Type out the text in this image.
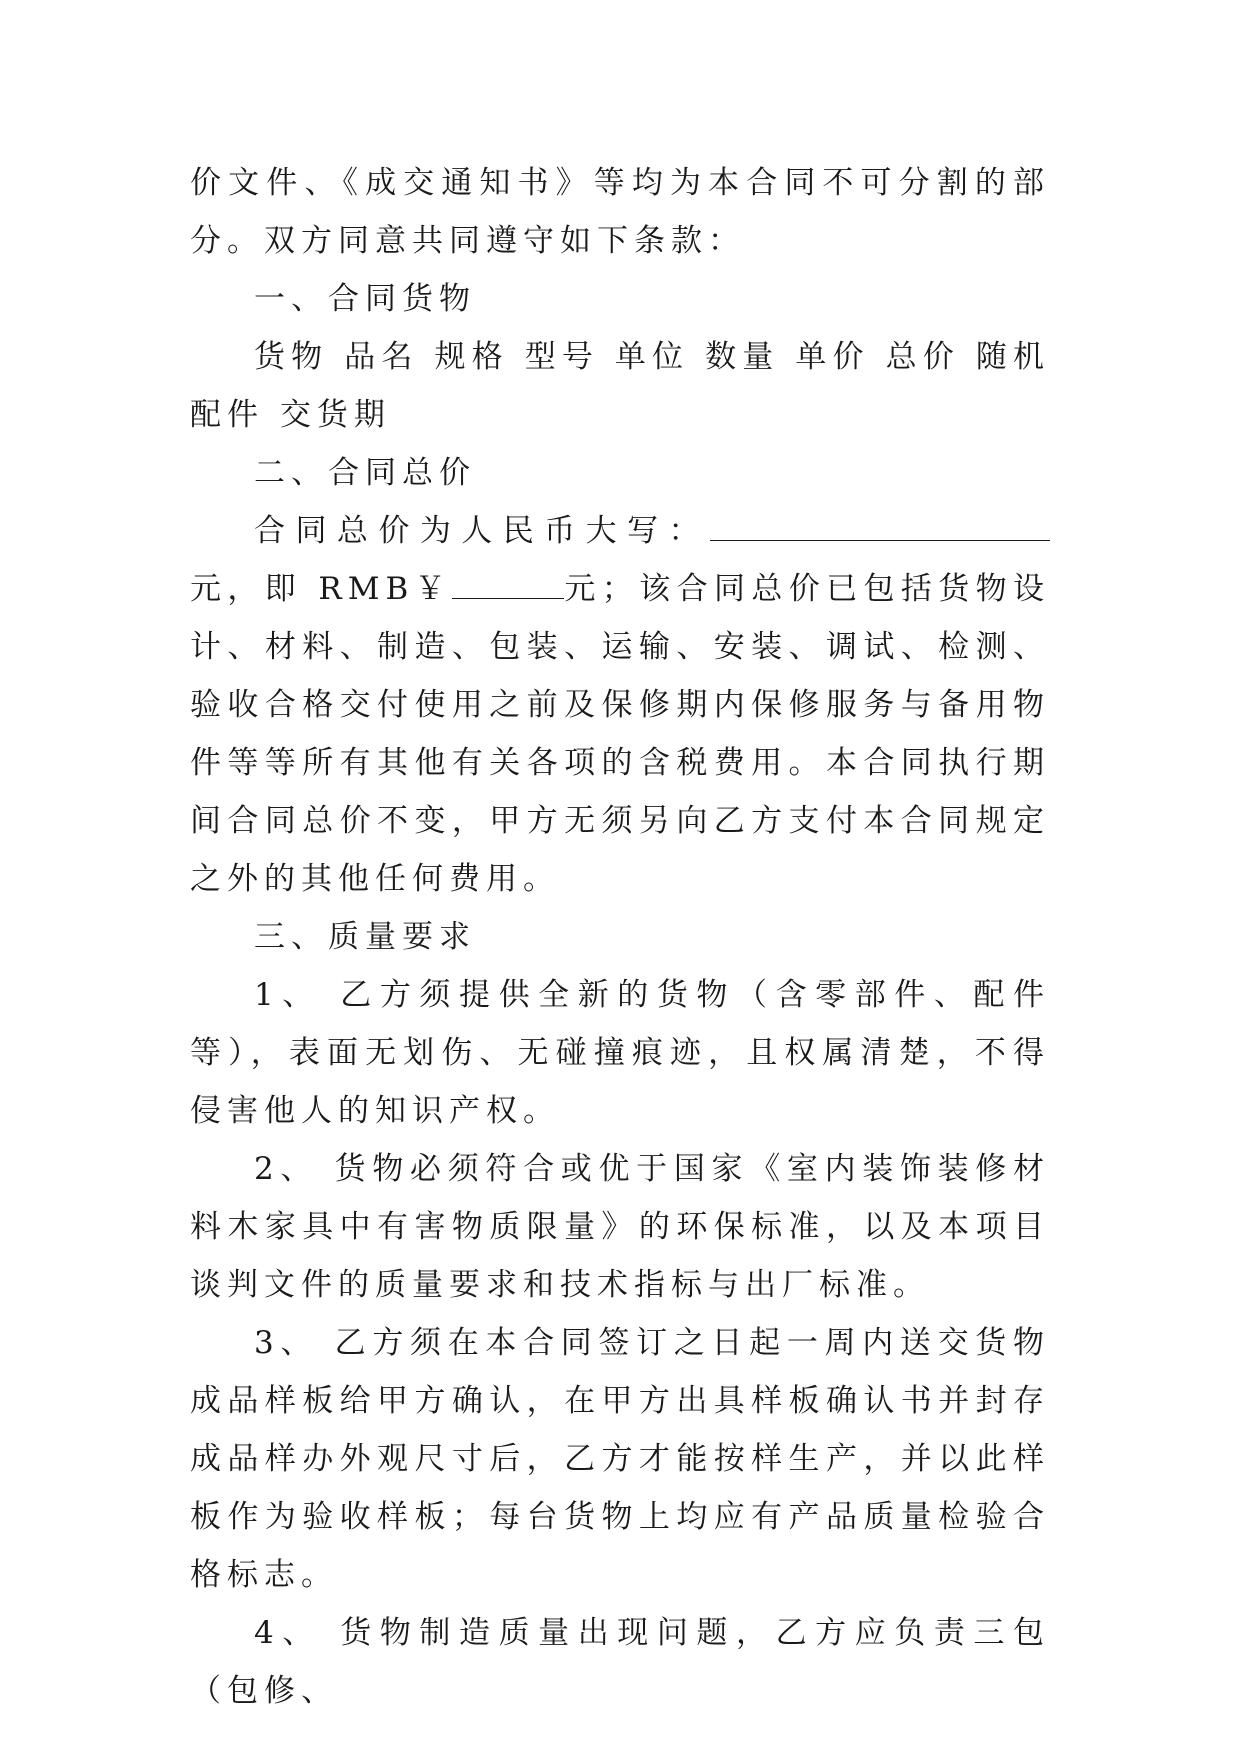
价文件、《成交通知书》等均为本合同不可分割的部分。双方同意共同遵守如下条款：

一、合同货物

货物 品名 规格 型号 单位 数量 单价 总价 随机配件 交货期

二、合同总价

合同总价为人民币大写：元，即 RMB￥	元；该合同总价已包括货物设计、材料、制造、包装、运输、安装、调试、检测、验收合格交付使用之前及保修期内保修服务与备用物件等等所有其他有关各项的含税费用。本合同执行期间合同总价不变，甲方无须另向乙方支付本合同规定之外的其他任何费用。

三、质量要求

1、 乙方须提供全新的货物（含零部件、配件等），表面无划伤、无碰撞痕迹，且权属清楚，不得侵害他人的知识产权。

2、 货物必须符合或优于国家《室内装饰装修材料木家具中有害物质限量》的环保标准，以及本项目谈判文件的质量要求和技术指标与出厂标准。

3、 乙方须在本合同签订之日起一周内送交货物成品样板给甲方确认，在甲方出具样板确认书并封存成品样办外观尺寸后，乙方才能按样生产，并以此样板作为验收样板；每台货物上均应有产品质量检验合格标志。

4、 货物制造质量出现问题，乙方应负责三包（包修、
